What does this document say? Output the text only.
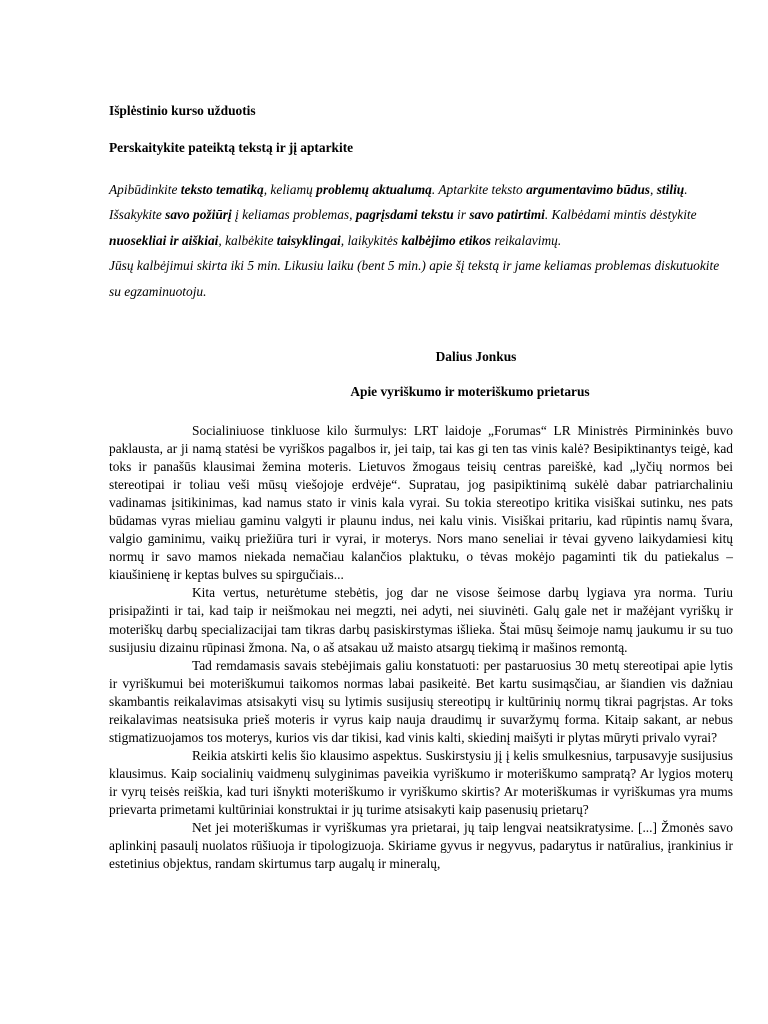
Išplėstinio kurso užduotis

Perskaitykite pateiktą tekstą ir jį aptarkite

Apibūdinkite teksto tematiką, keliamų problemų aktualumą. Aptarkite teksto argumentavimo būdus, stilių. Išsakykite savo požiūrį į keliamas problemas, pagrįsdami tekstu ir savo patirtimi. Kalbėdami mintis dėstykite nuosekliai ir aiškiai, kalbėkite taisyklingai, laikykitės kalbėjimo etikos reikalavimų.
Jūsų kalbėjimui skirta iki 5 min. Likusiu laiku (bent 5 min.) apie šį tekstą ir jame keliamas problemas diskutuokite su egzaminuotoju.

Dalius Jonkus

Apie vyriškumo ir moteriškumo prietarus

Socialiniuose tinkluose kilo šurmulys: LRT laidoje „Forumas“ LR Ministrės Pirmininkės buvo paklausta, ar ji namą statėsi be vyriškos pagalbos ir, jei taip, tai kas gi ten tas vinis kalė? Besipiktinantys teigė, kad toks ir panašūs klausimai žemina moteris. Lietuvos žmogaus teisių centras pareiškė, kad „lyčių normos bei stereotipai ir toliau veši mūsų viešojoje erdvėje“. Supratau, jog pasipiktinimą sukėlė dabar patriarchaliniu vadinamas įsitikinimas, kad namus stato ir vinis kala vyrai. Su tokia stereotipo kritika visiškai sutinku, nes pats būdamas vyras mieliau gaminu valgyti ir plaunu indus, nei kalu vinis. Visiškai pritariu, kad rūpintis namų švara, valgio gaminimu, vaikų priežiūra turi ir vyrai, ir moterys. Nors mano seneliai ir tėvai gyveno laikydamiesi kitų normų ir savo mamos niekada nemačiau kalančios plaktuku, o tėvas mokėjo pagaminti tik du patiekalus – kiaušinienę ir keptas bulves su spirgučiais...

Kita vertus, neturėtume stebėtis, jog dar ne visose šeimose darbų lygiava yra norma. Turiu prisipažinti ir tai, kad taip ir neišmokau nei megzti, nei adyti, nei siuvinėti. Galų gale net ir mažėjant vyriškų ir moteriškų darbų specializacijai tam tikras darbų pasiskirstymas išlieka. Štai mūsų šeimoje namų jaukumu ir su tuo susijusiu dizainu rūpinasi žmona. Na, o aš atsakau už maisto atsargų tiekimą ir mašinos remontą.

Tad remdamasis savais stebėjimais galiu konstatuoti: per pastaruosius 30 metų stereotipai apie lytis ir vyriškumui bei moteriškumui taikomos normas labai pasikeitė. Bet kartu susimąsčiau, ar šiandien vis dažniau skambantis reikalavimas atsisakyti visų su lytimis susijusių stereotipų ir kultūrinių normų tikrai pagrįstas. Ar toks reikalavimas neatsisuka prieš moteris ir vyrus kaip nauja draudimų ir suvaržymų forma. Kitaip sakant, ar nebus stigmatizuojamos tos moterys, kurios vis dar tikisi, kad vinis kalti, skiedinį maišyti ir plytas mūryti privalo vyrai?

Reikia atskirti kelis šio klausimo aspektus. Suskirstysiu jį į kelis smulkesnius, tarpusavyje susijusius klausimus. Kaip socialinių vaidmenų sulyginimas paveikia vyriškumo ir moteriškumo sampratą? Ar lygios moterų ir vyrų teisės reiškia, kad turi išnykti moteriškumo ir vyriškumo skirtis? Ar moteriškumas ir vyriškumas yra mums prievarta primetami kultūriniai konstruktai ir jų turime atsisakyti kaip pasenusių prietarų?

Net jei moteriškumas ir vyriškumas yra prietarai, jų taip lengvai neatsikratysime. [...] Žmonės savo aplinkinį pasaulį nuolatos rūšiuoja ir tipologizuoja. Skiriame gyvus ir negyvus, padarytus ir natūralius, įrankinius ir estetinius objektus, randam skirtumus tarp augalų ir mineralų,
